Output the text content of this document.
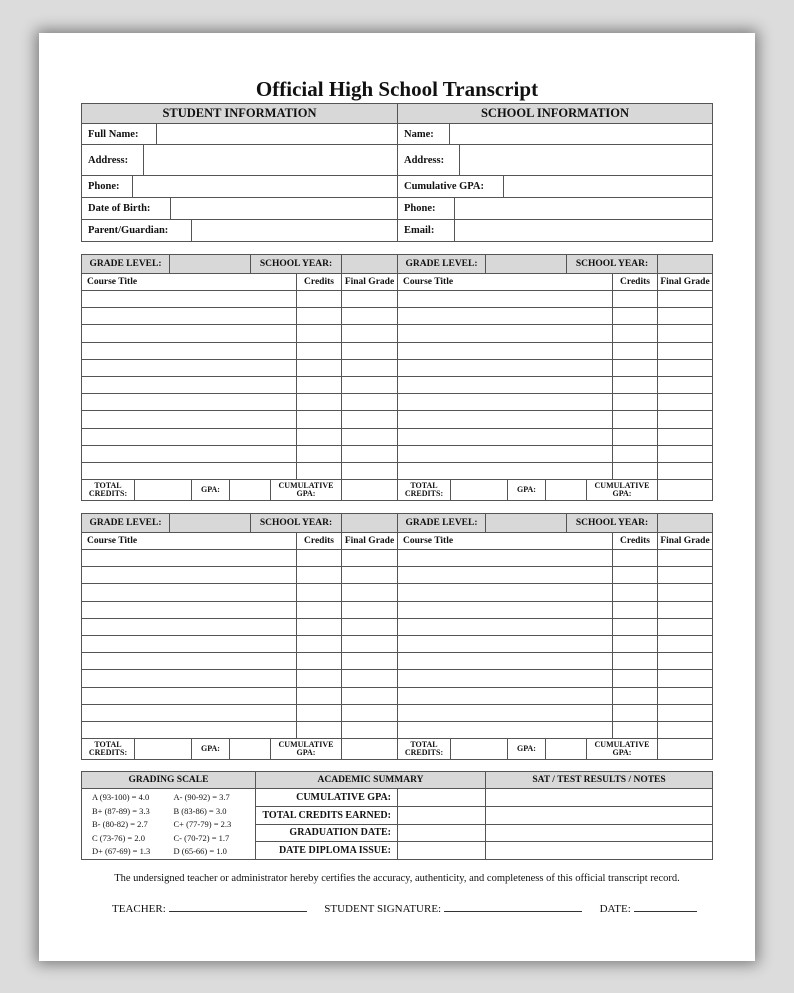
Official High School Transcript
STUDENT INFORMATION
Full Name:
Address:
Phone:
Date of Birth:
Parent/Guardian:
SCHOOL INFORMATION
Name:
Address:
Cumulative GPA:
Phone:
Email:
GRADE LEVEL:	SCHOOL YEAR:
Course Title	Credits	Final Grade
TOTAL CREDITS:	GPA:	CUMULATIVE GPA:
GRADE LEVEL:	SCHOOL YEAR:
Course Title	Credits	Final Grade
TOTAL CREDITS:	GPA:	CUMULATIVE GPA:
GRADE LEVEL:	SCHOOL YEAR:
Course Title	Credits	Final Grade
TOTAL CREDITS:	GPA:	CUMULATIVE GPA:
GRADE LEVEL:	SCHOOL YEAR:
Course Title	Credits	Final Grade
TOTAL CREDITS:	GPA:	CUMULATIVE GPA:
GRADING SCALE
A (93-100) = 4.0	A- (90-92) = 3.7
B+ (87-89) = 3.3	B (83-86) = 3.0
B- (80-82) = 2.7	C+ (77-79) = 2.3
C (73-76) = 2.0	C- (70-72) = 1.7
D+ (67-69) = 1.3	D (65-66) = 1.0
ACADEMIC SUMMARY
CUMULATIVE GPA:
TOTAL CREDITS EARNED:
GRADUATION DATE:
DATE DIPLOMA ISSUE:
SAT / TEST RESULTS / NOTES
The undersigned teacher or administrator hereby certifies the accuracy, authenticity, and completeness of this official transcript record.
TEACHER:	STUDENT SIGNATURE:	DATE:
